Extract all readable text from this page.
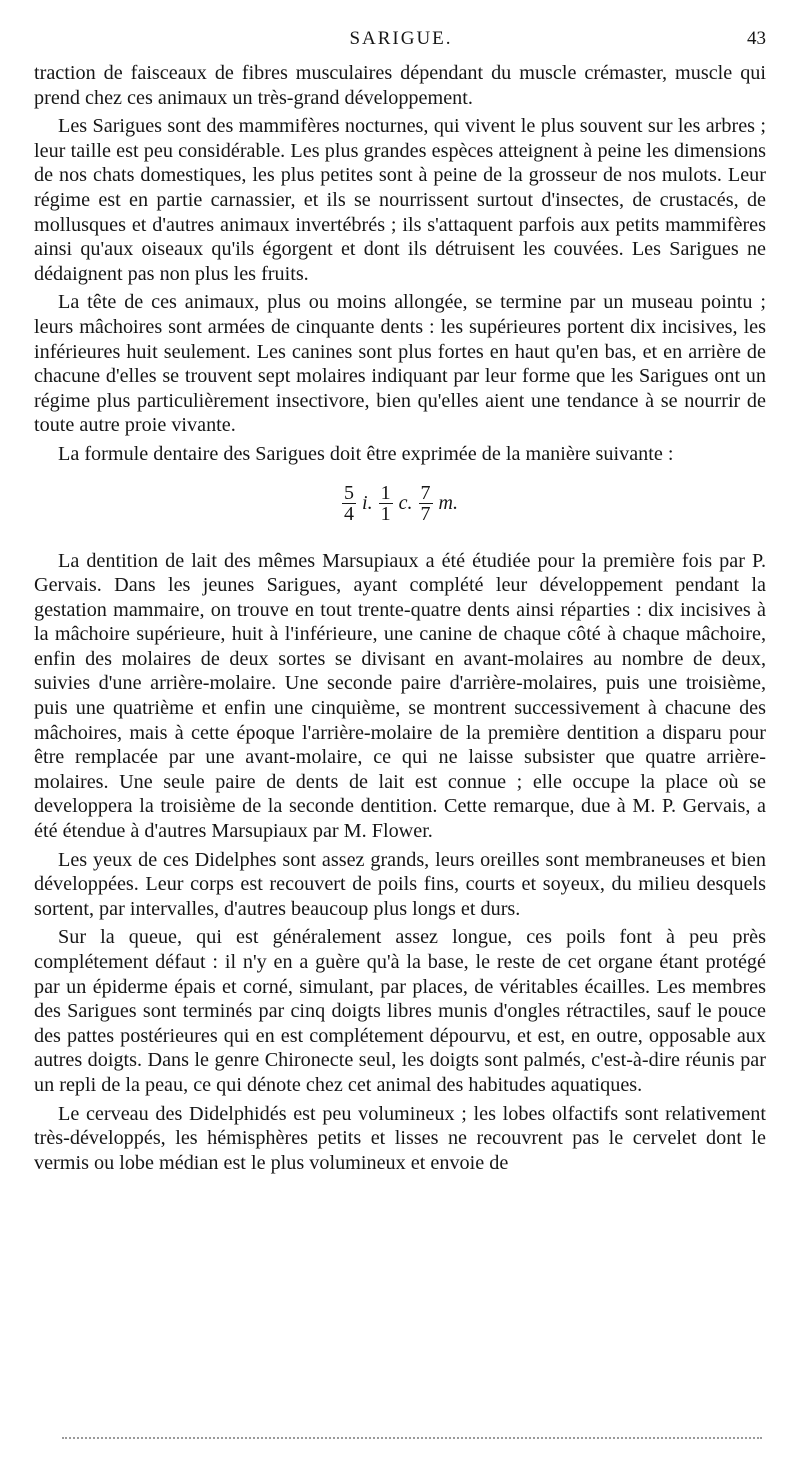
SARIGUE.	43

traction de faisceaux de fibres musculaires dépendant du muscle crémaster, muscle qui prend chez ces animaux un très-grand développement.

Les Sarigues sont des mammifères nocturnes, qui vivent le plus souvent sur les arbres ; leur taille est peu considérable. Les plus grandes espèces atteignent à peine les dimensions de nos chats domestiques, les plus petites sont à peine de la grosseur de nos mulots. Leur régime est en partie carnassier, et ils se nourrissent surtout d'insectes, de crustacés, de mollusques et d'autres animaux invertébrés ; ils s'attaquent parfois aux petits mammifères ainsi qu'aux oiseaux qu'ils égorgent et dont ils détruisent les couvées. Les Sarigues ne dédaignent pas non plus les fruits.

La tête de ces animaux, plus ou moins allongée, se termine par un museau pointu ; leurs mâchoires sont armées de cinquante dents : les supérieures portent dix incisives, les inférieures huit seulement. Les canines sont plus fortes en haut qu'en bas, et en arrière de chacune d'elles se trouvent sept molaires indiquant par leur forme que les Sarigues ont un régime plus particulièrement insectivore, bien qu'elles aient une tendance à se nourrir de toute autre proie vivante.

La formule dentaire des Sarigues doit être exprimée de la manière suivante :

$\frac{5}{4} i$. $\frac{1}{1} c$. $\frac{7}{7} m$.

La dentition de lait des mêmes Marsupiaux a été étudiée pour la première fois par P. Gervais. Dans les jeunes Sarigues, ayant complété leur développement pendant la gestation mammaire, on trouve en tout trente-quatre dents ainsi réparties : dix incisives à la mâchoire supérieure, huit à l'inférieure, une canine de chaque côté à chaque mâchoire, enfin des molaires de deux sortes se divisant en avant-molaires au nombre de deux, suivies d'une arrière-molaire. Une seconde paire d'arrière-molaires, puis une troisième, puis une quatrième et enfin une cinquième, se montrent successivement à chacune des mâchoires, mais à cette époque l'arrière-molaire de la première dentition a disparu pour être remplacée par une avant-molaire, ce qui ne laisse subsister que quatre arrière-molaires. Une seule paire de dents de lait est connue ; elle occupe la place où se developpera la troisième de la seconde dentition. Cette remarque, due à M. P. Gervais, a été étendue à d'autres Marsupiaux par M. Flower.

Les yeux de ces Didelphes sont assez grands, leurs oreilles sont membraneuses et bien développées. Leur corps est recouvert de poils fins, courts et soyeux, du milieu desquels sortent, par intervalles, d'autres beaucoup plus longs et durs.

Sur la queue, qui est généralement assez longue, ces poils font à peu près complétement défaut : il n'y en a guère qu'à la base, le reste de cet organe étant protégé par un épiderme épais et corné, simulant, par places, de véritables écailles. Les membres des Sarigues sont terminés par cinq doigts libres munis d'ongles rétractiles, sauf le pouce des pattes postérieures qui en est complétement dépourvu, et est, en outre, opposable aux autres doigts. Dans le genre Chironecte seul, les doigts sont palmés, c'est-à-dire réunis par un repli de la peau, ce qui dénote chez cet animal des habitudes aquatiques.

Le cerveau des Didelphidés est peu volumineux ; les lobes olfactifs sont relativement très-développés, les hémisphères petits et lisses ne recouvrent pas le cervelet dont le vermis ou lobe médian est le plus volumineux et envoie de
